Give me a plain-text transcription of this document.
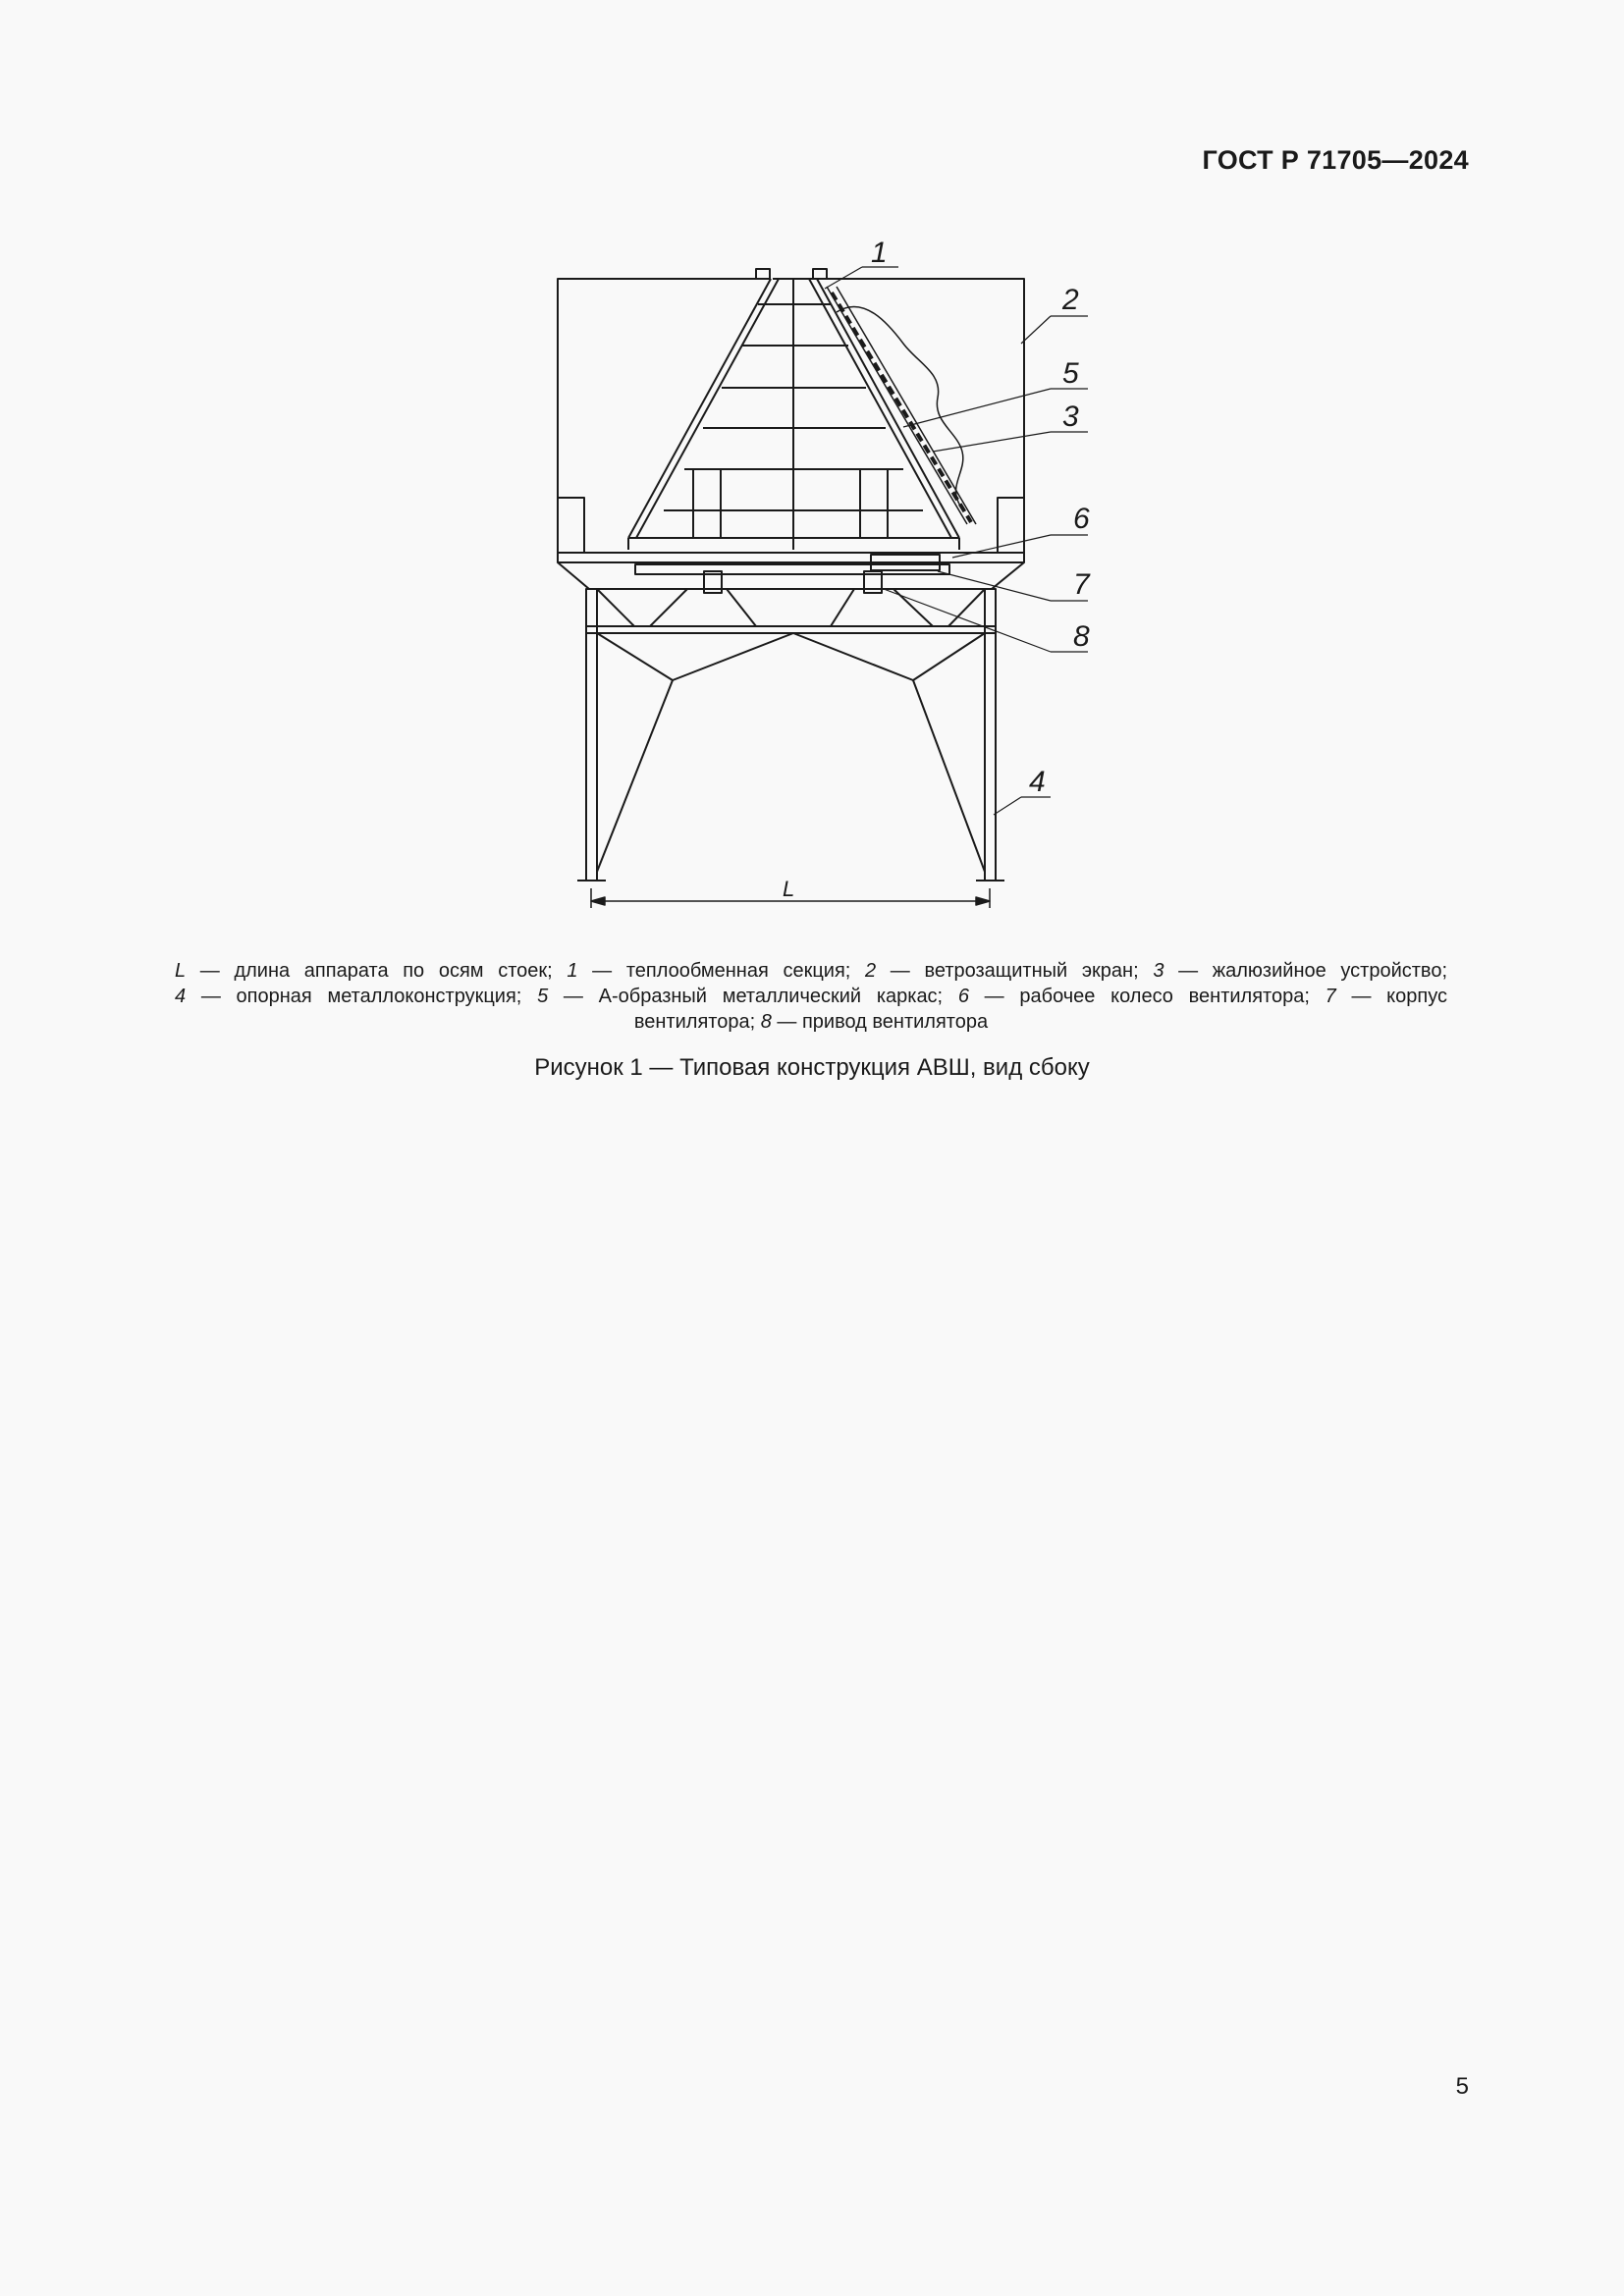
ГОСТ Р 71705—2024
1
2
5
3
6
7
8
4
L
L — длина аппарата по осям стоек; 1 — теплообменная секция; 2 — ветрозащитный экран; 3 — жалюзийное устройство;
4 — опорная металлоконструкция; 5 — А-образный металлический каркас; 6 — рабочее колесо вентилятора; 7 — корпус
вентилятора; 8 — привод вентилятора
Рисунок 1 — Типовая конструкция АВШ, вид сбоку
5
